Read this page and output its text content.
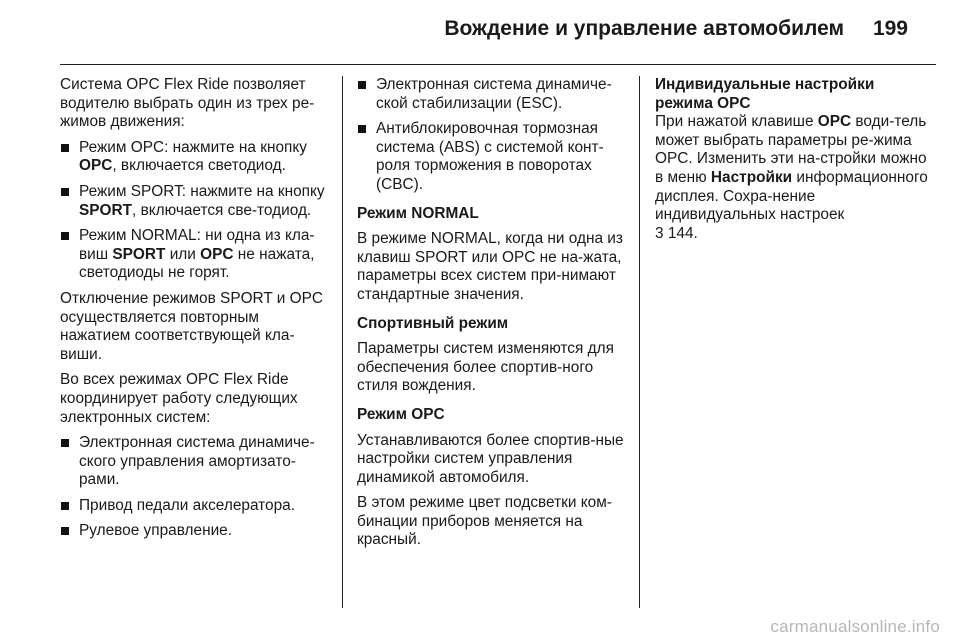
Вождение и управление автомобилем 199

Система OPC Flex Ride позволяет водителю выбрать один из трех ре-жимов движения:

Режим OPC: нажмите на кнопку OPC, включается светодиод.
Режим SPORT: нажмите на кнопку SPORT, включается све-тодиод.
Режим NORMAL: ни одна из кла-виш SPORT или OPC не нажата, светодиоды не горят.

Отключение режимов SPORT и OPC осуществляется повторным нажатием соответствующей кла-виши.

Во всех режимах OPC Flex Ride координирует работу следующих электронных систем:

Электронная система динамиче-ского управления амортизато-рами.
Привод педали акселератора.
Рулевое управление.
Электронная система динамиче-ской стабилизации (ESC).
Антиблокировочная тормозная система (ABS) с системой конт-роля торможения в поворотах (CBC).

Режим NORMAL

В режиме NORMAL, когда ни одна из клавиш SPORT или OPC не на-жата, параметры всех систем при-нимают стандартные значения.

Спортивный режим

Параметры систем изменяются для обеспечения более спортив-ного стиля вождения.

Режим OPC

Устанавливаются более спортив-ные настройки систем управления динамикой автомобиля.

В этом режиме цвет подсветки ком-бинации приборов меняется на красный.

Индивидуальные настройки режима OPC

При нажатой клавише OPC води-тель может выбрать параметры ре-жима OPC. Изменить эти на-стройки можно в меню Настройки информационного дисплея. Сохра-нение индивидуальных настроек
3 144.

carmanualsonline.info
